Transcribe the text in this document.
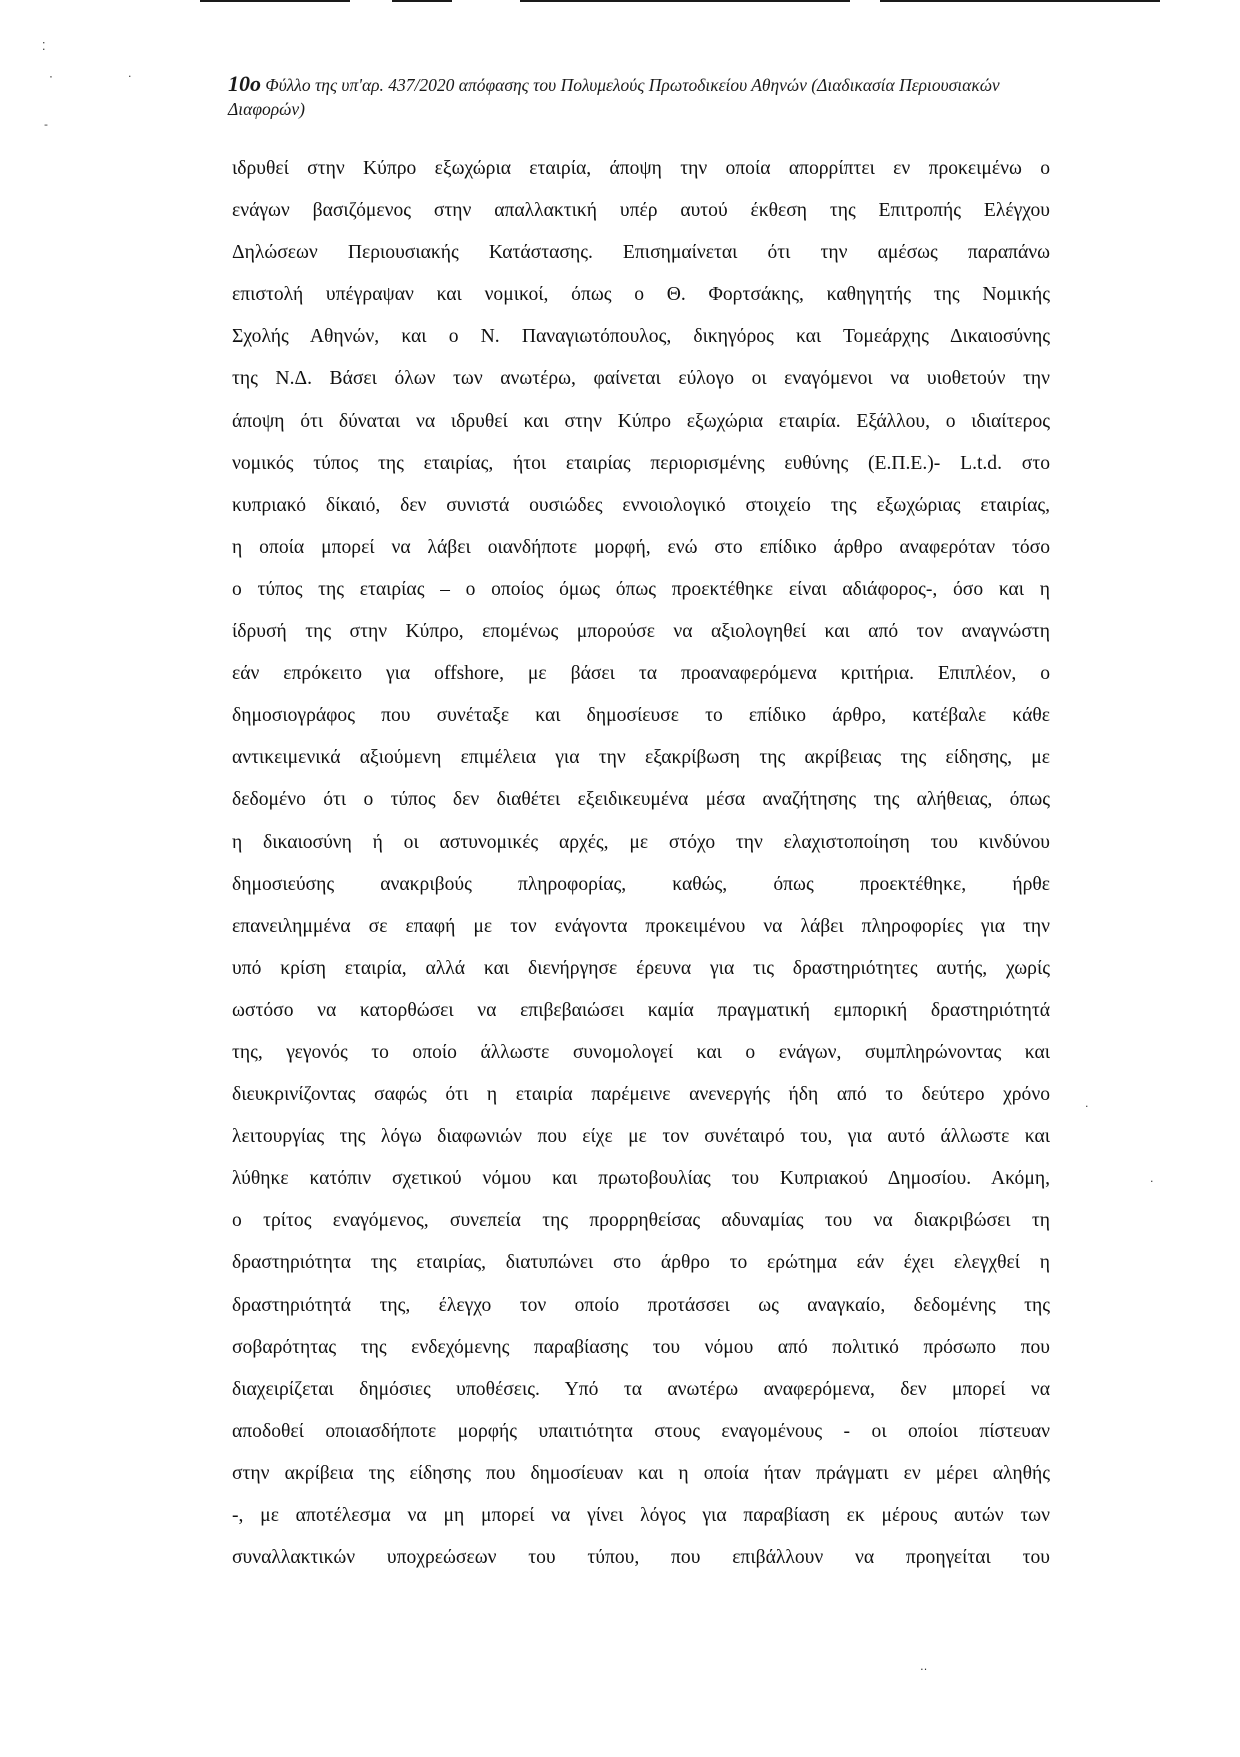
⁚
٠	·
‐
·
·
‥
10ο Φύλλο της υπ'αρ. 437/2020 απόφασης του Πολυμελούς Πρωτοδικείου Αθηνών (Διαδικασία Περιουσιακών Διαφορών)
ιδρυθεί στην Κύπρο εξωχώρια εταιρία, άποψη την οποία απορρίπτει εν προκειμένω ο
ενάγων βασιζόμενος στην απαλλακτική υπέρ αυτού έκθεση της Επιτροπής Ελέγχου
Δηλώσεων Περιουσιακής Κατάστασης. Επισημαίνεται ότι την αμέσως παραπάνω
επιστολή υπέγραψαν και νομικοί, όπως ο Θ. Φορτσάκης, καθηγητής της Νομικής
Σχολής Αθηνών, και ο Ν. Παναγιωτόπουλος, δικηγόρος και Τομεάρχης Δικαιοσύνης
της Ν.Δ. Βάσει όλων των ανωτέρω, φαίνεται εύλογο οι εναγόμενοι να υιοθετούν την
άποψη ότι δύναται να ιδρυθεί και στην Κύπρο εξωχώρια εταιρία. Εξάλλου, ο ιδιαίτερος
νομικός τύπος της εταιρίας, ήτοι εταιρίας περιορισμένης ευθύνης (Ε.Π.Ε.)- L.t.d. στο
κυπριακό δίκαιό, δεν συνιστά ουσιώδες εννοιολογικό στοιχείο της εξωχώριας εταιρίας,
η οποία μπορεί να λάβει οιανδήποτε μορφή, ενώ στο επίδικο άρθρο αναφερόταν τόσο
ο τύπος της εταιρίας – ο οποίος όμως όπως προεκτέθηκε είναι αδιάφορος-, όσο και η
ίδρυσή της στην Κύπρο, επομένως μπορούσε να αξιολογηθεί και από τον αναγνώστη
εάν επρόκειτο για offshore, με βάσει τα προαναφερόμενα κριτήρια. Επιπλέον, ο
δημοσιογράφος που συνέταξε και δημοσίευσε το επίδικο άρθρο, κατέβαλε κάθε
αντικειμενικά αξιούμενη επιμέλεια για την εξακρίβωση της ακρίβειας της είδησης, με
δεδομένο ότι ο τύπος δεν διαθέτει εξειδικευμένα μέσα αναζήτησης της αλήθειας, όπως
η δικαιοσύνη ή οι αστυνομικές αρχές, με στόχο την ελαχιστοποίηση του κινδύνου
δημοσιεύσης ανακριβούς πληροφορίας, καθώς, όπως προεκτέθηκε, ήρθε
επανειλημμένα σε επαφή με τον ενάγοντα προκειμένου να λάβει πληροφορίες για την
υπό κρίση εταιρία, αλλά και διενήργησε έρευνα για τις δραστηριότητες αυτής, χωρίς
ωστόσο να κατορθώσει να επιβεβαιώσει καμία πραγματική εμπορική δραστηριότητά
της, γεγονός το οποίο άλλωστε συνομολογεί και ο ενάγων, συμπληρώνοντας και
διευκρινίζοντας σαφώς ότι η εταιρία παρέμεινε ανενεργής ήδη από το δεύτερο χρόνο
λειτουργίας της λόγω διαφωνιών που είχε με τον συνέταιρό του, για αυτό άλλωστε και
λύθηκε κατόπιν σχετικού νόμου και πρωτοβουλίας του Κυπριακού Δημοσίου. Ακόμη,
ο τρίτος εναγόμενος, συνεπεία της προρρηθείσας αδυναμίας του να διακριβώσει τη
δραστηριότητα της εταιρίας, διατυπώνει στο άρθρο το ερώτημα εάν έχει ελεγχθεί η
δραστηριότητά της, έλεγχο τον οποίο προτάσσει ως αναγκαίο, δεδομένης της
σοβαρότητας της ενδεχόμενης παραβίασης του νόμου από πολιτικό πρόσωπο που
διαχειρίζεται δημόσιες υποθέσεις. Υπό τα ανωτέρω αναφερόμενα, δεν μπορεί να
αποδοθεί οποιασδήποτε μορφής υπαιτιότητα στους εναγομένους - οι οποίοι πίστευαν
στην ακρίβεια της είδησης που δημοσίευαν και η οποία ήταν πράγματι εν μέρει αληθής
-, με αποτέλεσμα να μη μπορεί να γίνει λόγος για παραβίαση εκ μέρους αυτών των
συναλλακτικών υποχρεώσεων του τύπου, που επιβάλλουν να προηγείται του
